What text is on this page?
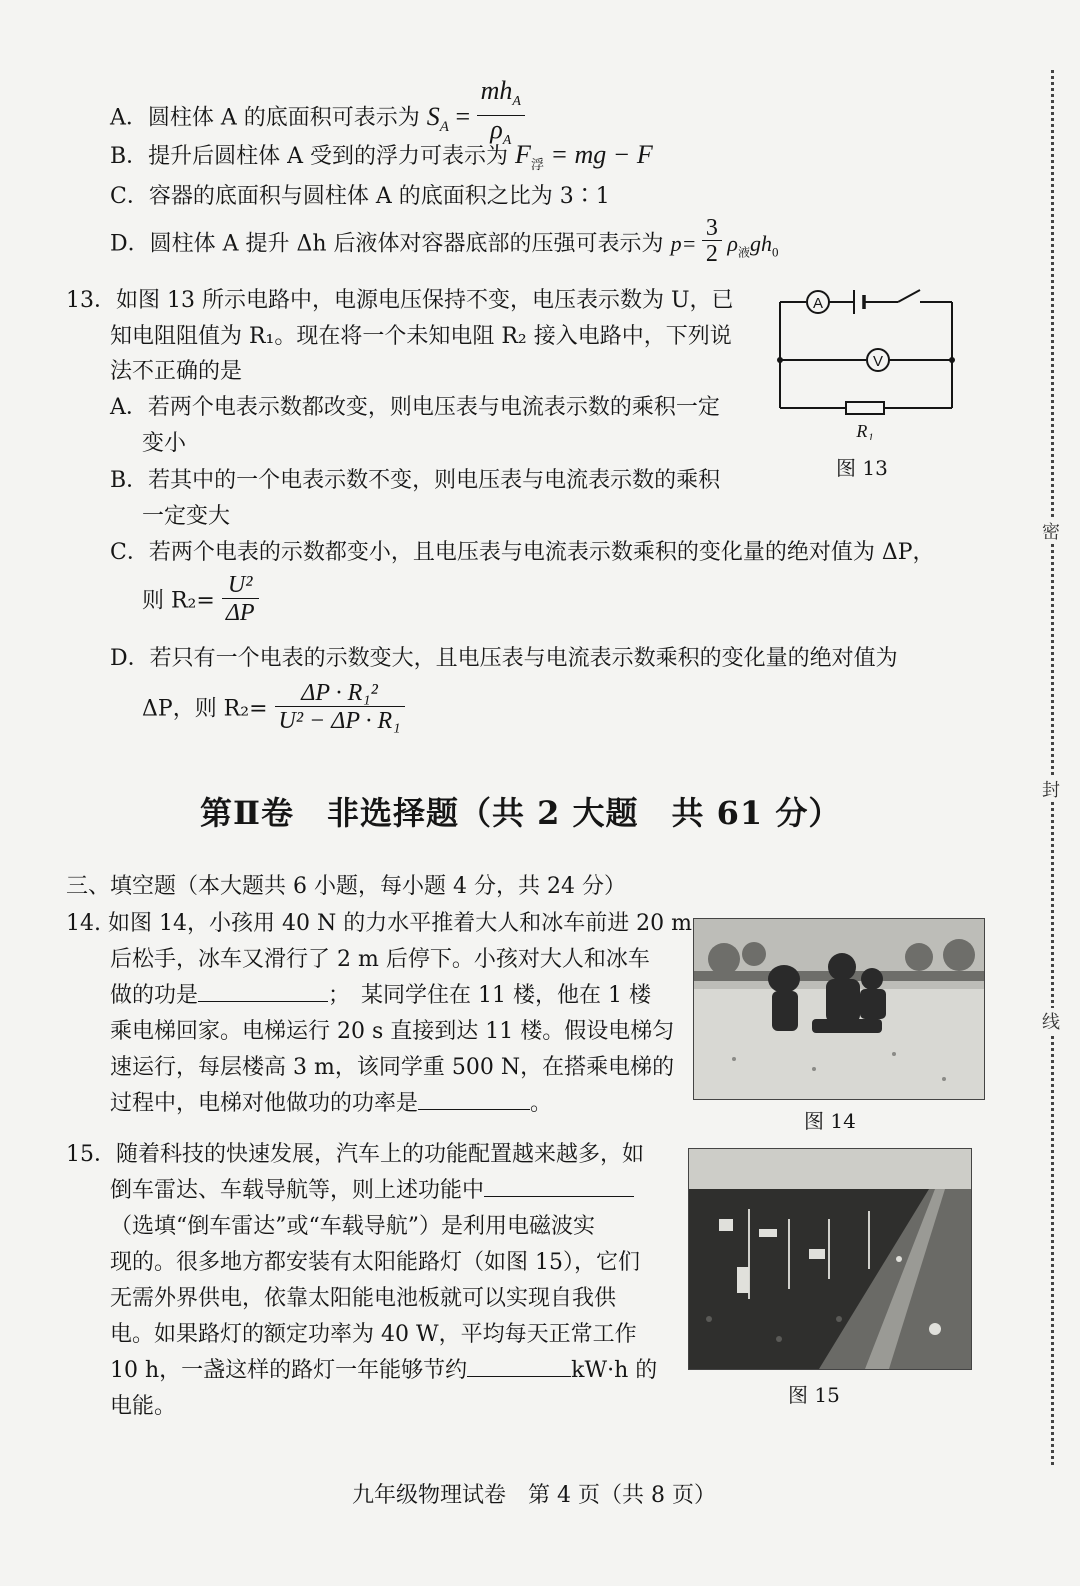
A．圆柱体 A 的底面积可表示为 $S_A = \frac{mh_A}{\rho_A}$
B．提升后圆柱体 A 受到的浮力可表示为 $F_浮$ = mg − F
C．容器的底面积与圆柱体 A 的底面积之比为 3∶1
D．圆柱体 A 提升 Δh 后液体对容器底部的压强可表示为 $p= \frac{3}{2} \rho_液gh_0$
13．如图 13 所示电路中，电源电压保持不变，电压表示数为 U，已
知电阻阻值为 R₁。现在将一个未知电阻 R₂ 接入电路中，下列说
法不正确的是
A．若两个电表示数都改变，则电压表与电流表示数的乘积一定
变小
B．若其中的一个电表示数不变，则电压表与电流表示数的乘积
一定变大
C．若两个电表的示数都变小，且电压表与电流表示数乘积的变化量的绝对值为 ΔP，
则 $R_2= \frac{\text{U²}}{\Delta P}$
D．若只有一个电表的示数变大，且电压表与电流表示数乘积的变化量的绝对值为
ΔP，则 $R_2= \frac{\text{ΔP · R₁²}}{\text{U² − ΔP · R₁}}$
A
V
R₁
图 13
第Ⅱ卷　非选择题（共 2 大题　共 61 分）
三、填空题（本大题共 6 小题，每小题 4 分，共 24 分）
14. 如图 14，小孩用 40 N 的力水平推着大人和冰车前进 20 m
后松手，冰车又滑行了 2 m 后停下。小孩对大人和冰车
做的功是	；　某同学住在 11 楼，他在 1 楼
乘电梯回家。电梯运行 20 s 直接到达 11 楼。假设电梯匀
速运行，每层楼高 3 m，该同学重 500 N，在搭乘电梯的
过程中，电梯对他做功的功率是	。
图 14
15．随着科技的快速发展，汽车上的功能配置越来越多，如
倒车雷达、车载导航等，则上述功能中
（选填“倒车雷达”或“车载导航”）是利用电磁波实
现的。很多地方都安装有太阳能路灯（如图 15），它们
无需外界供电，依靠太阳能电池板就可以实现自我供
电。如果路灯的额定功率为 40 W，平均每天正常工作
10 h，一盏这样的路灯一年能够节约	kW·h 的
电能。	图 15
密
封
线
九年级物理试卷　第 4 页（共 8 页）
